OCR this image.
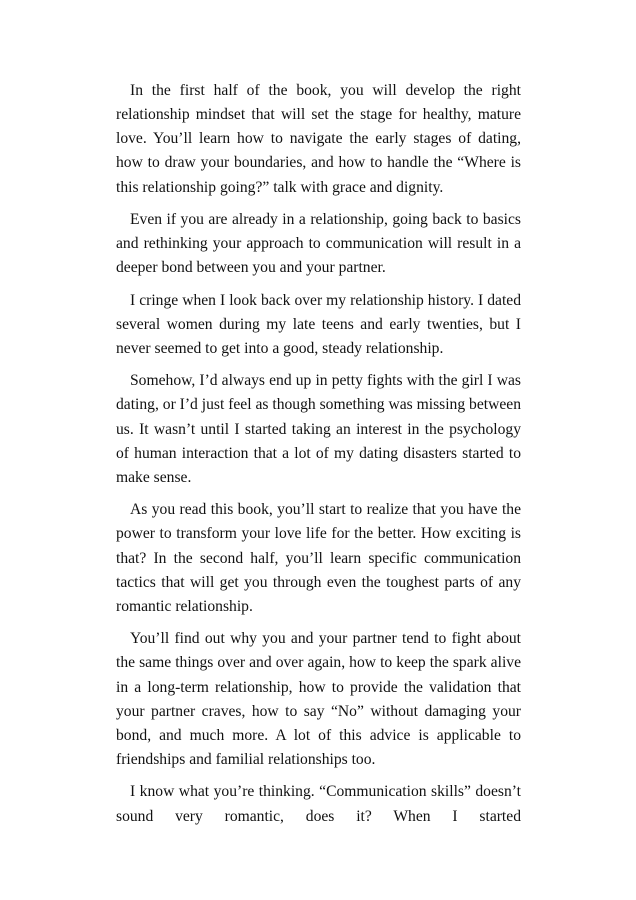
In the first half of the book, you will develop the right relationship mindset that will set the stage for healthy, mature love. You’ll learn how to navigate the early stages of dating, how to draw your boundaries, and how to handle the “Where is this relationship going?” talk with grace and dignity.

Even if you are already in a relationship, going back to basics and rethinking your approach to communication will result in a deeper bond between you and your partner.

I cringe when I look back over my relationship history. I dated several women during my late teens and early twenties, but I never seemed to get into a good, steady relationship.

Somehow, I’d always end up in petty fights with the girl I was dating, or I’d just feel as though something was missing between us. It wasn’t until I started taking an interest in the psychology of human interaction that a lot of my dating disasters started to make sense.

As you read this book, you’ll start to realize that you have the power to transform your love life for the better. How exciting is that? In the second half, you’ll learn specific communication tactics that will get you through even the toughest parts of any romantic relationship.

You’ll find out why you and your partner tend to fight about the same things over and over again, how to keep the spark alive in a long-term relationship, how to provide the validation that your partner craves, how to say “No” without damaging your bond, and much more. A lot of this advice is applicable to friendships and familial relationships too.

I know what you’re thinking. “Communication skills” doesn’t sound very romantic, does it? When I started
